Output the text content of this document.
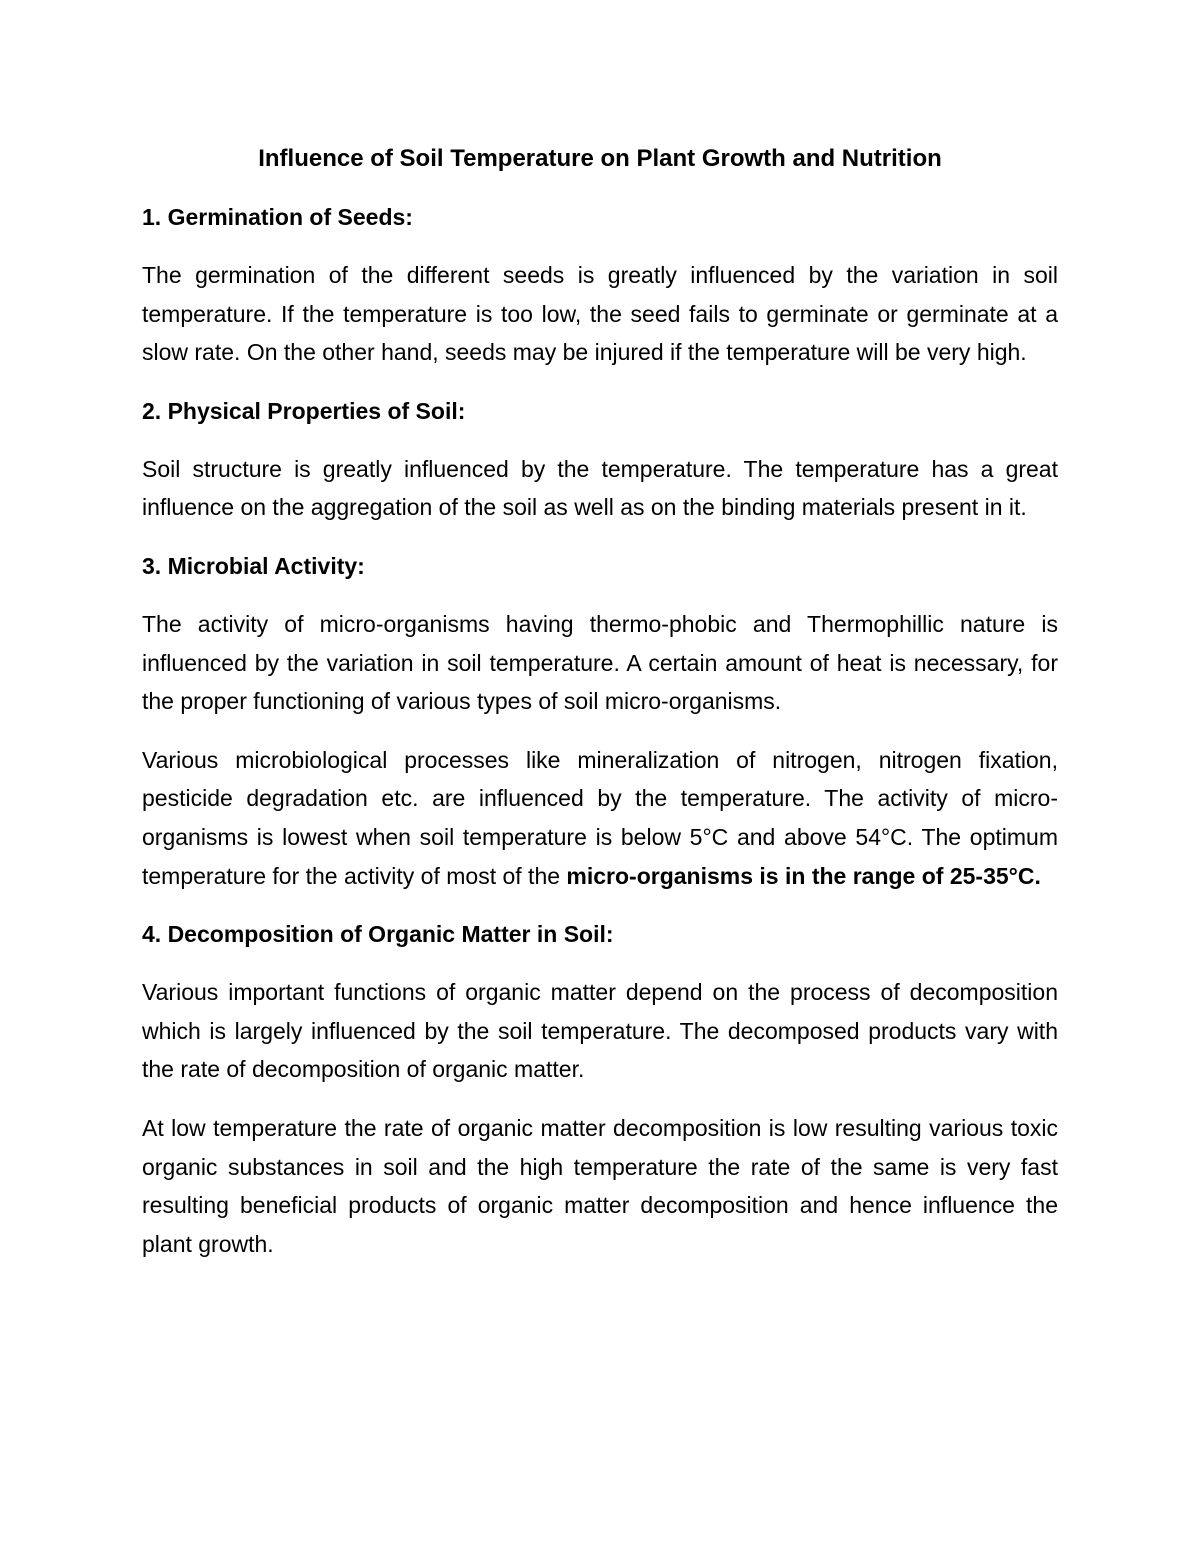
Influence of Soil Temperature on Plant Growth and Nutrition
1. Germination of Seeds:
The germination of the different seeds is greatly influenced by the variation in soil temperature. If the temperature is too low, the seed fails to germinate or germinate at a slow rate. On the other hand, seeds may be injured if the temperature will be very high.
2. Physical Properties of Soil:
Soil structure is greatly influenced by the temperature. The temperature has a great influence on the aggregation of the soil as well as on the binding materials present in it.
3. Microbial Activity:
The activity of micro-organisms having thermo-phobic and Thermophillic nature is influenced by the variation in soil temperature. A certain amount of heat is necessary, for the proper functioning of various types of soil micro-organisms.
Various microbiological processes like mineralization of nitrogen, nitrogen fixation, pesticide degradation etc. are influenced by the temperature. The activity of micro-organisms is lowest when soil temperature is below 5°C and above 54°C. The optimum temperature for the activity of most of the micro-organisms is in the range of 25-35°C.
4. Decomposition of Organic Matter in Soil:
Various important functions of organic matter depend on the process of decomposition which is largely influenced by the soil temperature. The decomposed products vary with the rate of decomposition of organic matter.
At low temperature the rate of organic matter decomposition is low resulting various toxic organic substances in soil and the high temperature the rate of the same is very fast resulting beneficial products of organic matter decomposition and hence influence the plant growth.
